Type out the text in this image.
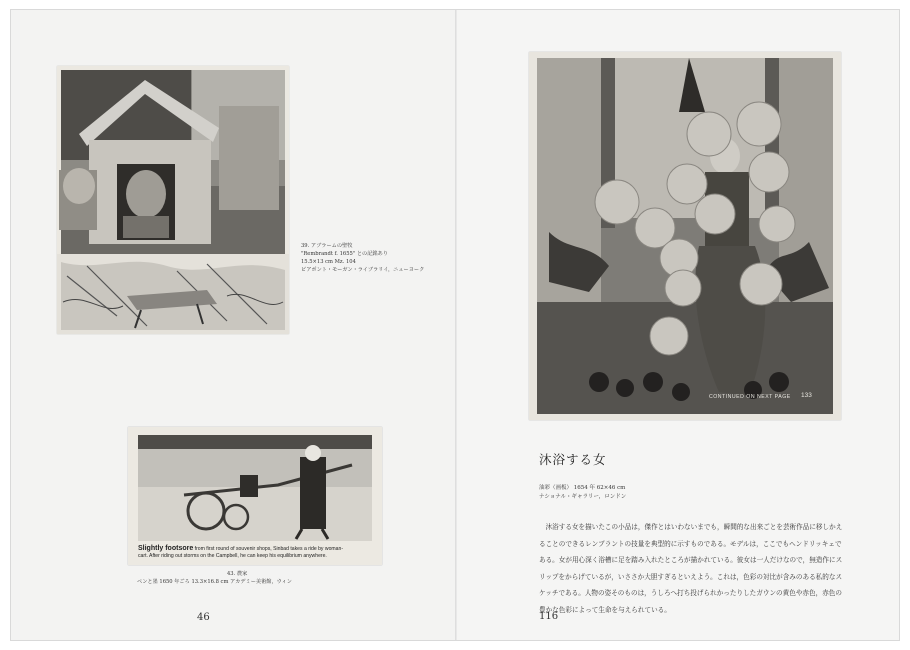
39. アブラームの聖牧
"Rembrandt f. 1655" との記銘あり
15.5×13 cm Mz. 104
ピアポント・モーガン・ライブラリイ，ニューヨーク
Slightly footsore from first round of souvenir shops, Sinbad takes a ride by woman-
cart. After riding out storms on the Campbell, he can keep his equilibrium anywhere.
43. 農家
ペンと墨 1650 年ごろ 13.3×16.8 cm アカデミー美術館，ウィン
46
CONTINUED ON NEXT PAGE 133
沐浴する女
油彩（画板） 1654 年 62×46 cm
ナショナル・ギャラリー，ロンドン
沐浴する女を描いたこの小品は，傑作とはいわないまでも，瞬間的な出来ごとを芸術作品に移しかえることのできるレンブラントの技量を典型的に示すものである。モデルは，ここでもヘンドリッキェである。女が用心深く浴槽に足を踏み入れたところが描かれている。彼女は一人だけなので，無造作にスリップをからげているが，いささか大胆すぎるといえよう。これは，色彩の対比が含みのある私的なスケッチである。人物の姿そのものは，うしろへ打ち投げられかったりしたガウンの黄色や赤色，赤色の豊かな色彩によって生命を与えられている。
116
